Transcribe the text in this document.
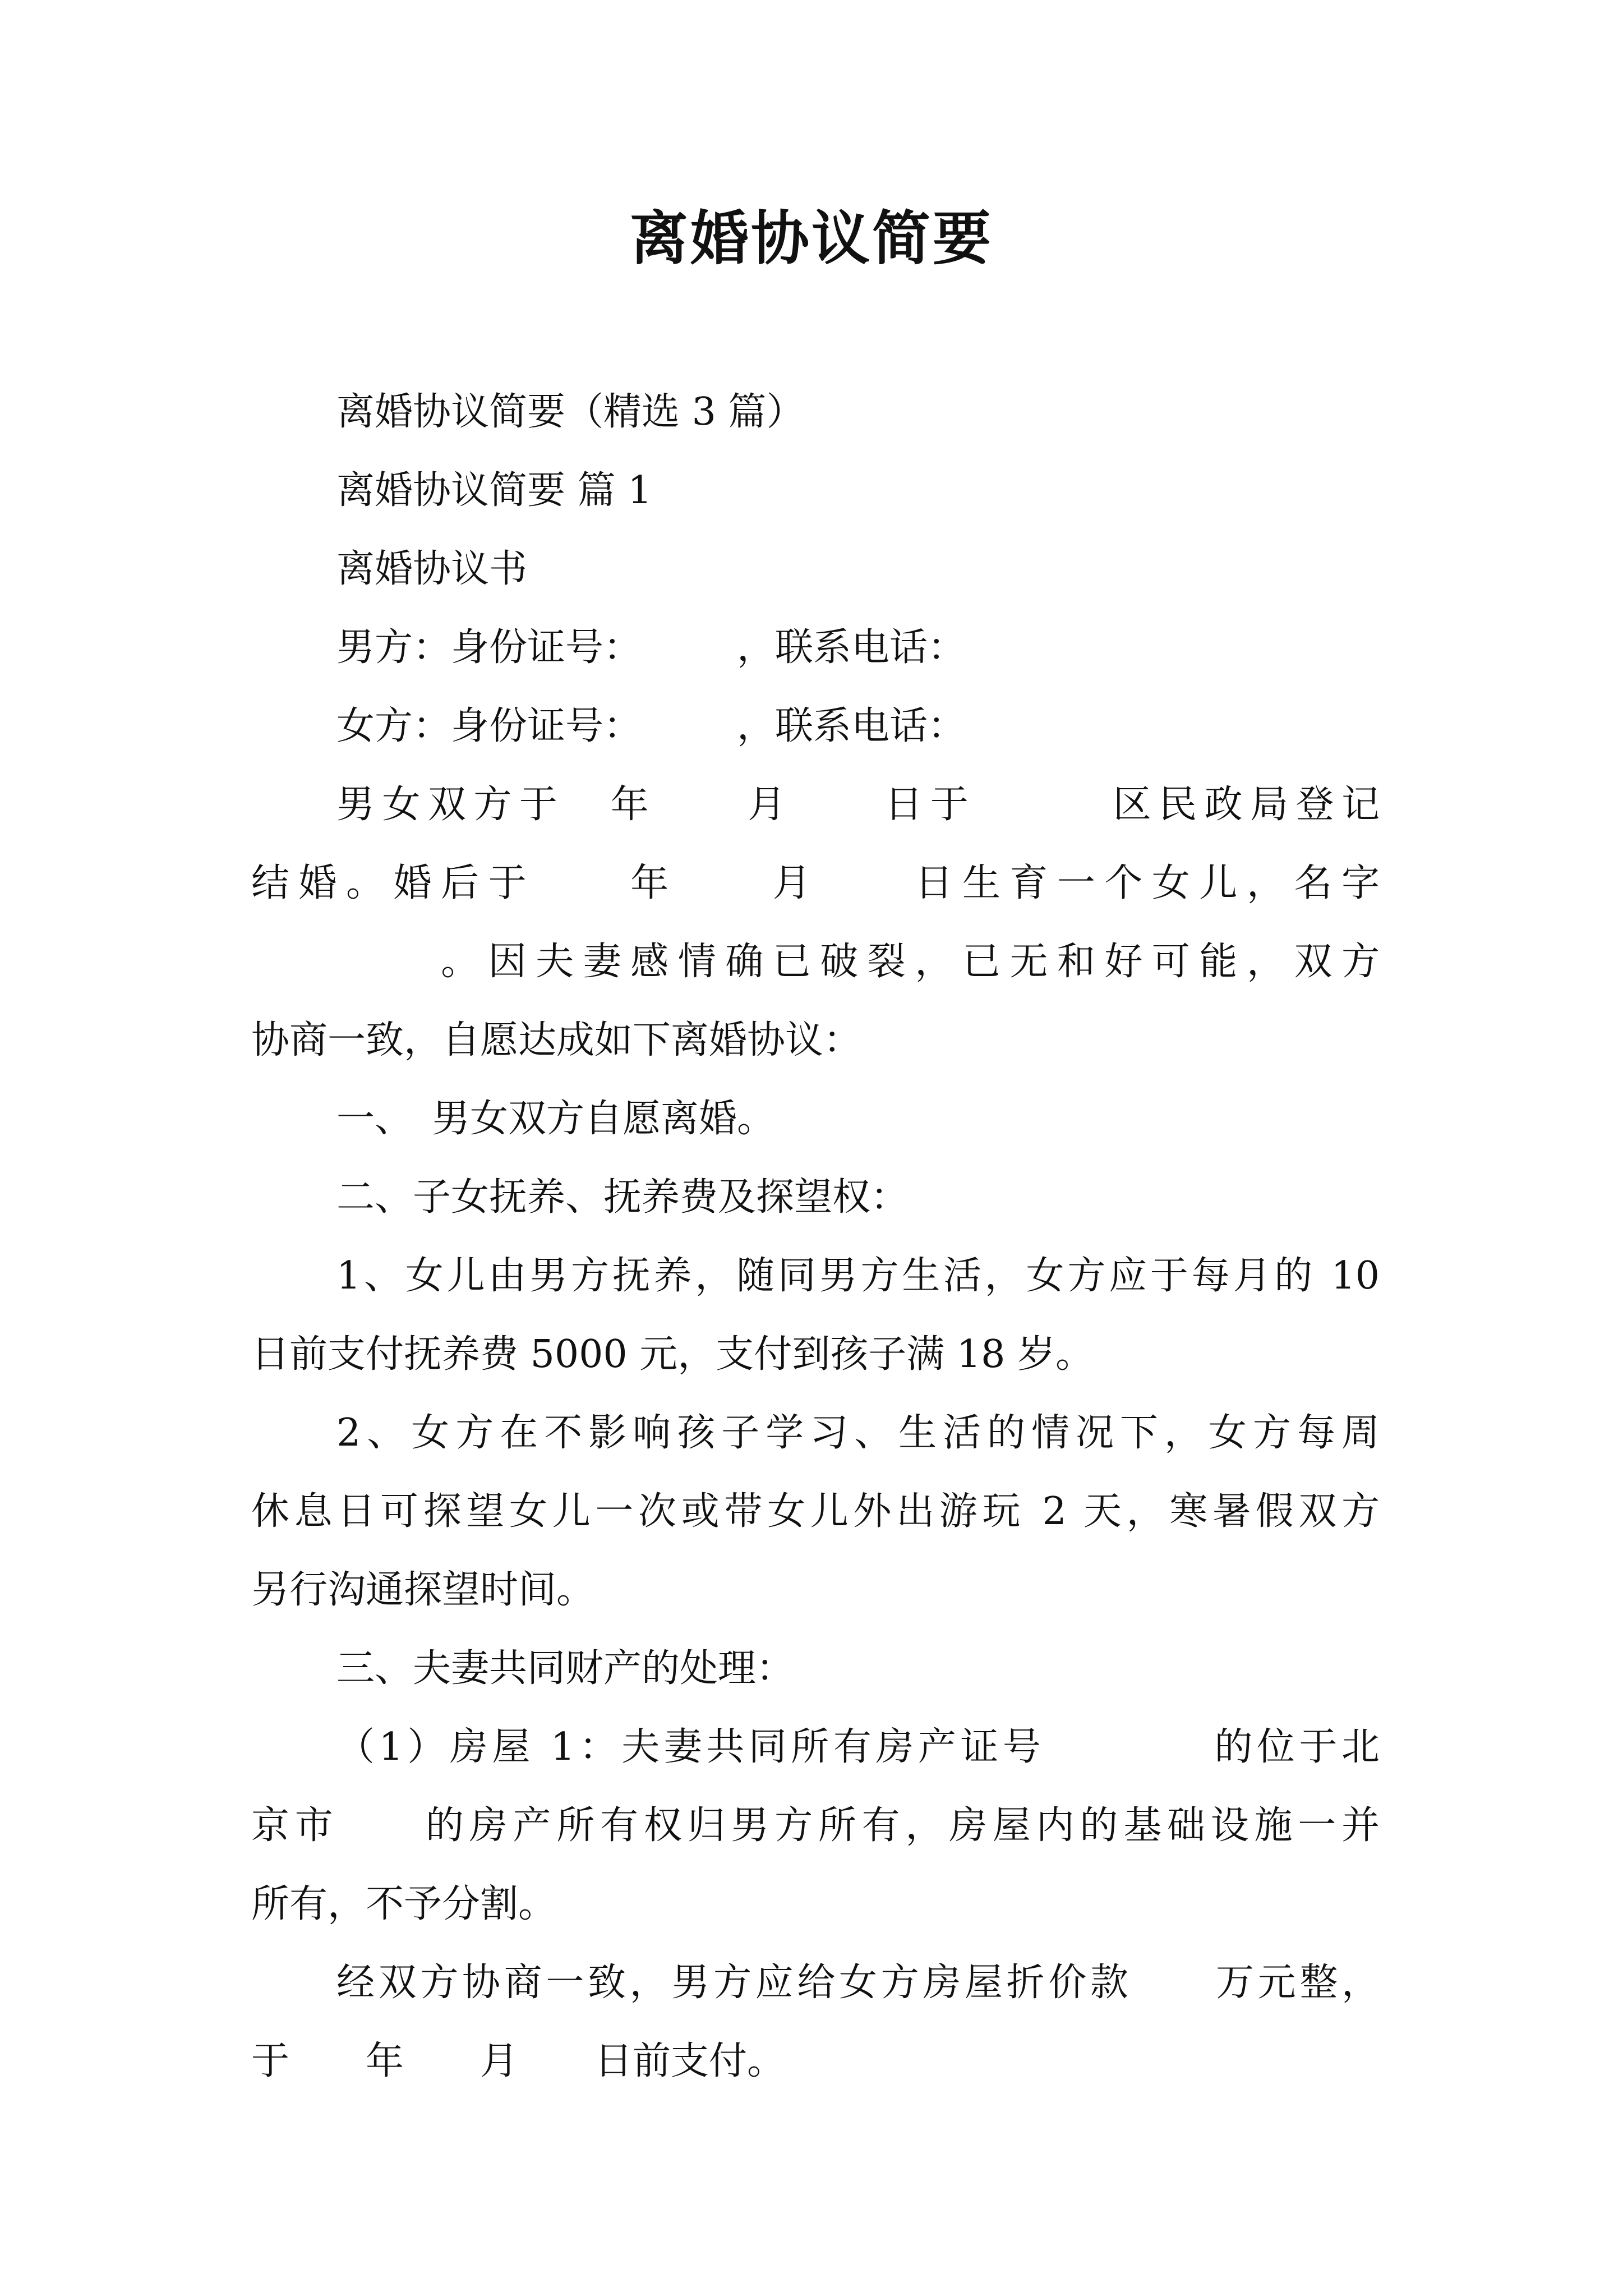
离婚协议简要
离婚协议简要（精选 3 篇）
离婚协议简要 篇 1
离婚协议书
男方：身份证号：　　　，联系电话：
女方：身份证号：　　　，联系电话：
男女双方于　年　　月　　日于　　　区民政局登记
结婚。婚后于　　年　　月　　日生育一个女儿，名字
　　　　。因夫妻感情确已破裂，已无和好可能，双方
协商一致，自愿达成如下离婚协议：
一、　男女双方自愿离婚。
二、子女抚养、抚养费及探望权：
1、女儿由男方抚养，随同男方生活，女方应于每月的 10
日前支付抚养费 5000 元，支付到孩子满 18 岁。
2、女方在不影响孩子学习、生活的情况下，女方每周
休息日可探望女儿一次或带女儿外出游玩 2 天，寒暑假双方
另行沟通探望时间。
三、夫妻共同财产的处理：
（1）房屋 1：夫妻共同所有房产证号　　　　的位于北
京市　　的房产所有权归男方所有，房屋内的基础设施一并
所有，不予分割。
经双方协商一致，男方应给女方房屋折价款　　万元整，
于　　年　　月　　日前支付。
